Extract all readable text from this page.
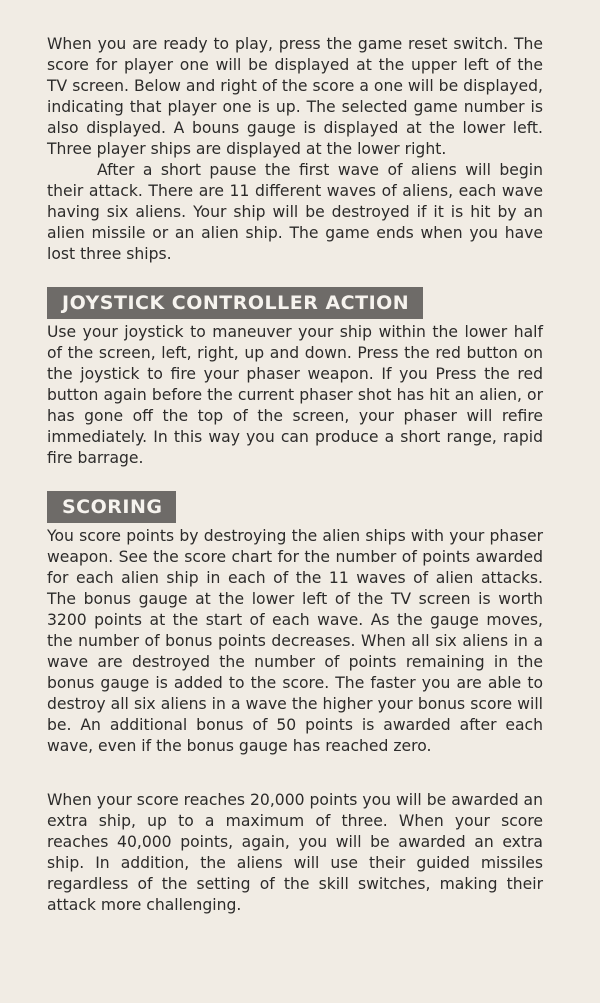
When you are ready to play, press the game reset switch. The score for player one will be displayed at the upper left of the TV screen. Below and right of the score a one will be displayed, indicating that player one is up. The selected game number is also displayed. A bouns gauge is displayed at the lower left. Three player ships are displayed at the lower right.

After a short pause the first wave of aliens will begin their attack. There are 11 different waves of aliens, each wave having six aliens. Your ship will be destroyed if it is hit by an alien missile or an alien ship. The game ends when you have lost three ships.

JOYSTICK CONTROLLER ACTION

Use your joystick to maneuver your ship within the lower half of the screen, left, right, up and down. Press the red button on the joystick to fire your phaser weapon. If you Press the red button again before the current phaser shot has hit an alien, or has gone off the top of the screen, your phaser will refire immediately. In this way you can produce a short range, rapid fire barrage.

SCORING

You score points by destroying the alien ships with your phaser weapon. See the score chart for the number of points awarded for each alien ship in each of the 11 waves of alien attacks. The bonus gauge at the lower left of the TV screen is worth 3200 points at the start of each wave. As the gauge moves, the number of bonus points decreases. When all six aliens in a wave are destroyed the number of points remaining in the bonus gauge is added to the score. The faster you are able to destroy all six aliens in a wave the higher your bonus score will be. An additional bonus of 50 points is awarded after each wave, even if the bonus gauge has reached zero.

When your score reaches 20,000 points you will be awarded an extra ship, up to a maximum of three. When your score reaches 40,000 points, again, you will be awarded an extra ship. In addition, the aliens will use their guided missiles regardless of the setting of the skill switches, making their attack more challenging.
